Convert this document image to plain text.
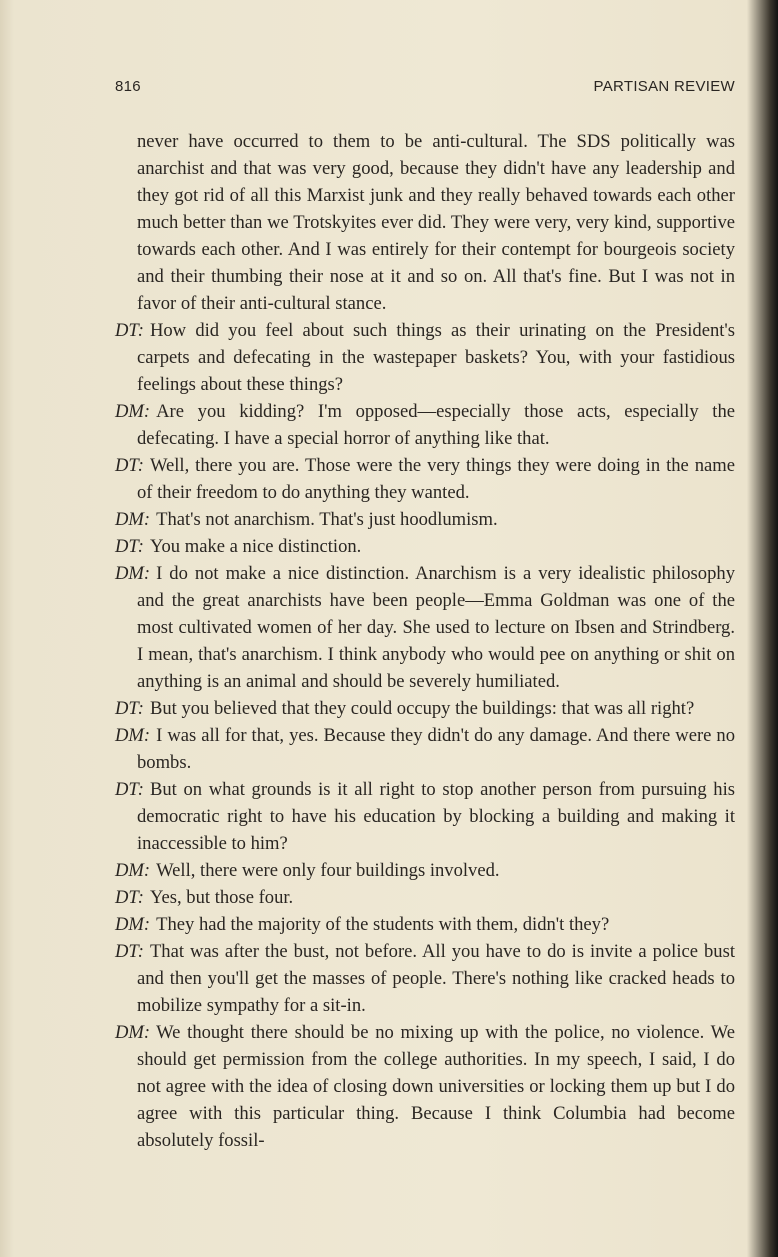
816	PARTISAN REVIEW

never have occurred to them to be anti-cultural. The SDS politically was anarchist and that was very good, because they didn't have any leadership and they got rid of all this Marxist junk and they really behaved towards each other much better than we Trotskyites ever did. They were very, very kind, supportive towards each other. And I was entirely for their contempt for bourgeois society and their thumbing their nose at it and so on. All that's fine. But I was not in favor of their anti-cultural stance.

DT: How did you feel about such things as their urinating on the President's carpets and defecating in the wastepaper baskets? You, with your fastidious feelings about these things?

DM: Are you kidding? I'm opposed—especially those acts, especially the defecating. I have a special horror of anything like that.

DT: Well, there you are. Those were the very things they were doing in the name of their freedom to do anything they wanted.

DM: That's not anarchism. That's just hoodlumism.

DT: You make a nice distinction.

DM: I do not make a nice distinction. Anarchism is a very idealistic philosophy and the great anarchists have been people—Emma Goldman was one of the most cultivated women of her day. She used to lecture on Ibsen and Strindberg. I mean, that's anarchism. I think anybody who would pee on anything or shit on anything is an animal and should be severely humiliated.

DT: But you believed that they could occupy the buildings: that was all right?

DM: I was all for that, yes. Because they didn't do any damage. And there were no bombs.

DT: But on what grounds is it all right to stop another person from pursuing his democratic right to have his education by blocking a building and making it inaccessible to him?

DM: Well, there were only four buildings involved.

DT: Yes, but those four.

DM: They had the majority of the students with them, didn't they?

DT: That was after the bust, not before. All you have to do is invite a police bust and then you'll get the masses of people. There's nothing like cracked heads to mobilize sympathy for a sit-in.

DM: We thought there should be no mixing up with the police, no violence. We should get permission from the college authorities. In my speech, I said, I do not agree with the idea of closing down universities or locking them up but I do agree with this particular thing. Because I think Columbia had become absolutely fossil-
